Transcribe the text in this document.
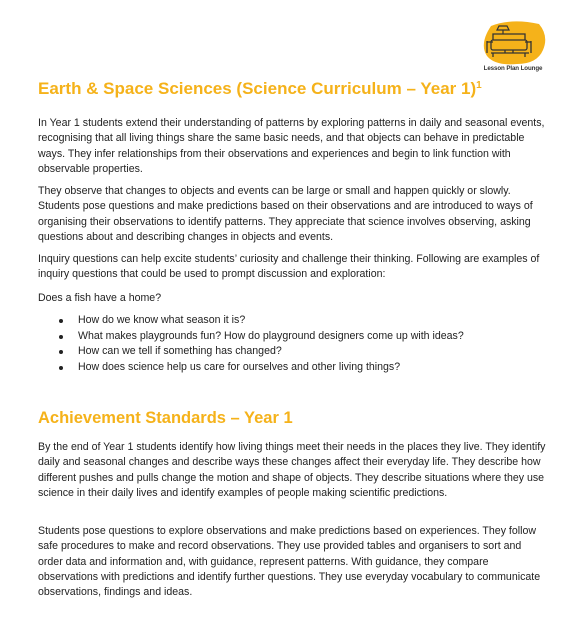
Lesson Plan Lounge
Earth & Space Sciences (Science Curriculum – Year 1)$^1$

In Year 1 students extend their understanding of patterns by exploring patterns in daily and seasonal events, recognising that all living things share the same basic needs, and that objects can behave in predictable ways. They infer relationships from their observations and experiences and begin to link function with observable properties.

They observe that changes to objects and events can be large or small and happen quickly or slowly. Students pose questions and make predictions based on their observations and are introduced to ways of organising their observations to identify patterns. They appreciate that science involves observing, asking questions about and describing changes in objects and events.

Inquiry questions can help excite students’ curiosity and challenge their thinking. Following are examples of inquiry questions that could be used to prompt discussion and exploration:

Does a fish have a home?

How do we know what season it is?
What makes playgrounds fun? How do playground designers come up with ideas?
How can we tell if something has changed?
How does science help us care for ourselves and other living things?
Achievement Standards – Year 1

By the end of Year 1 students identify how living things meet their needs in the places they live. They identify daily and seasonal changes and describe ways these changes affect their everyday life. They describe how different pushes and pulls change the motion and shape of objects. They describe situations where they use science in their daily lives and identify examples of people making scientific predictions.

Students pose questions to explore observations and make predictions based on experiences. They follow safe procedures to make and record observations. They use provided tables and organisers to sort and order data and information and, with guidance, represent patterns. With guidance, they compare observations with predictions and identify further questions. They use everyday vocabulary to communicate observations, findings and ideas.
